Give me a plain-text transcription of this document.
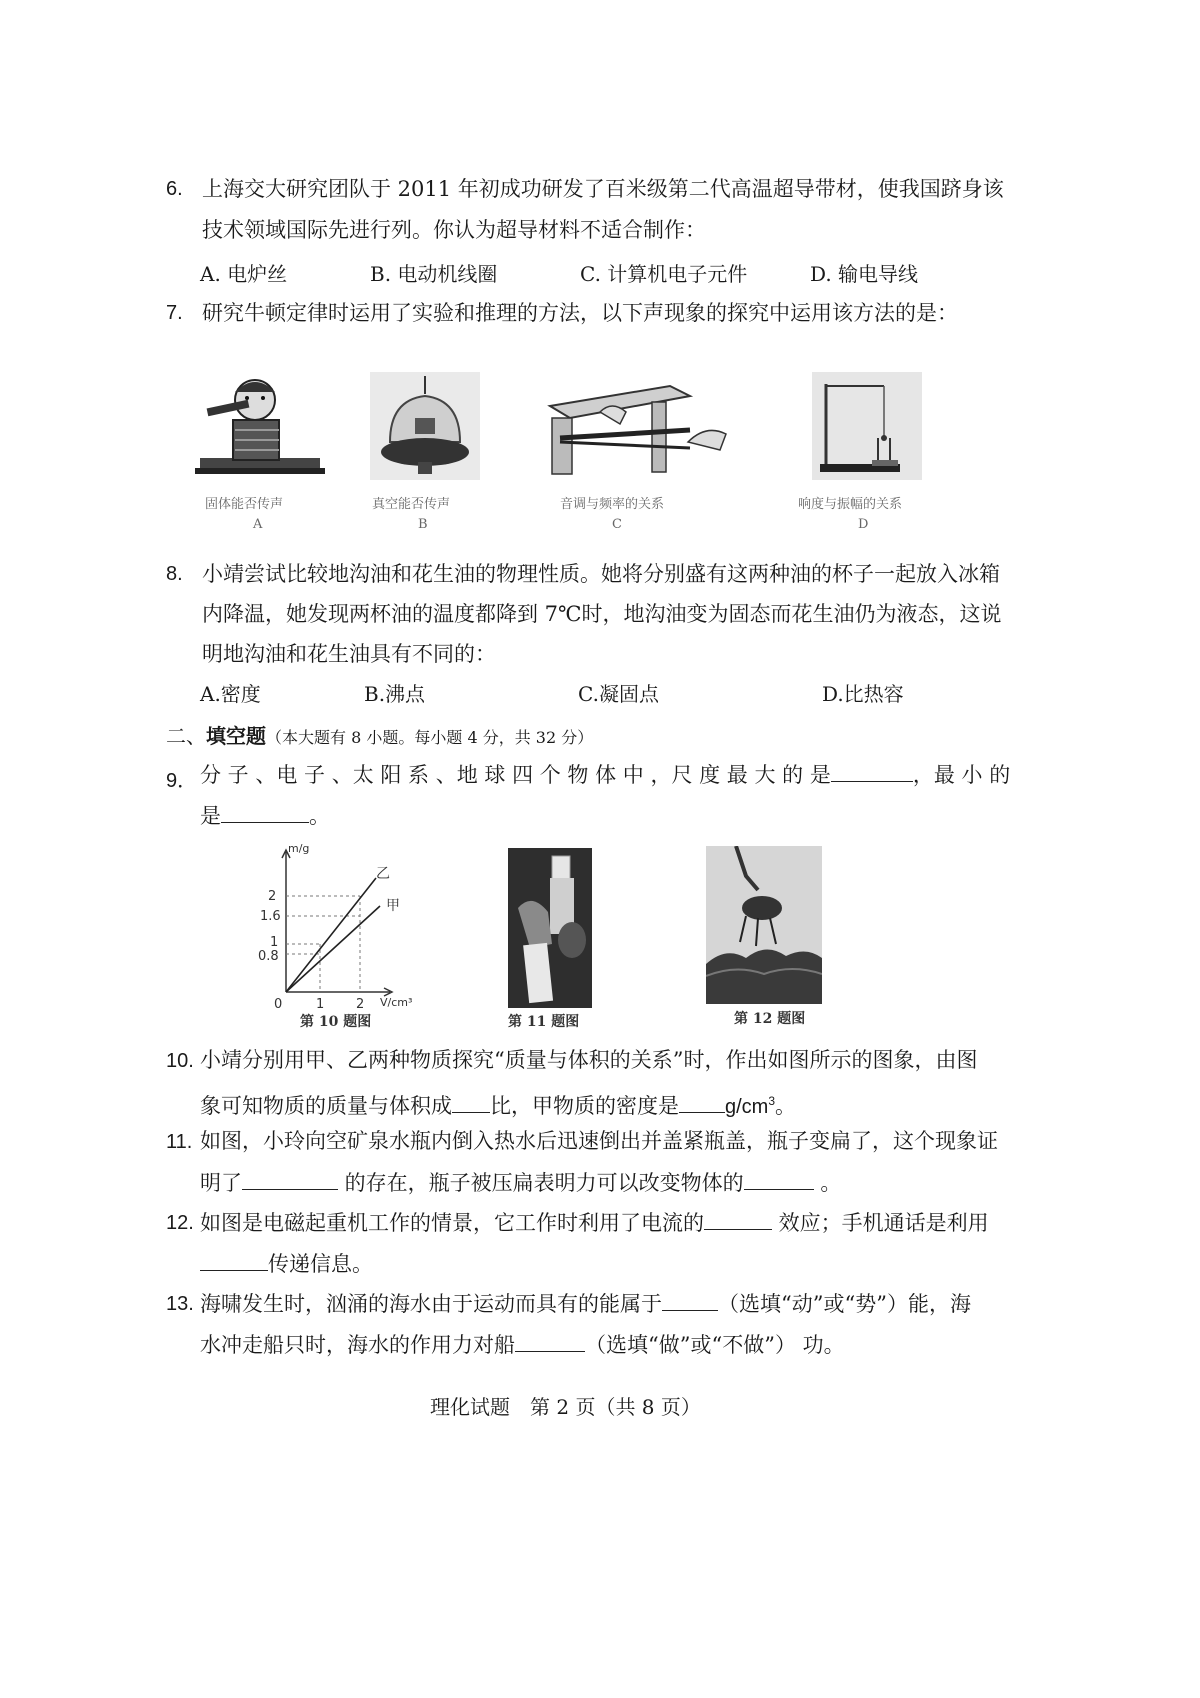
6. 上海交大研究团队于 2011 年初成功研发了百米级第二代高温超导带材，使我国跻身该
技术领域国际先进行列。你认为超导材料不适合制作：
A. 电炉丝	B. 电动机线圈	C. 计算机电子元件	D. 输电导线
7. 研究牛顿定律时运用了实验和推理的方法，以下声现象的探究中运用该方法的是：
固体能否传声
A
真空能否传声
B
音调与频率的关系
C
响度与振幅的关系
D
8. 小靖尝试比较地沟油和花生油的物理性质。她将分别盛有这两种油的杯子一起放入冰箱
内降温，她发现两杯油的温度都降到 7℃时，地沟油变为固态而花生油仍为液态，这说
明地沟油和花生油具有不同的：
A.密度	B.沸点	C.凝固点	D.比热容
二、填空题（本大题有 8 小题。每小题 4 分，共 32 分）
9． 分 子 、电 子 、太 阳 系 、地 球 四 个 物 体 中 ，尺 度 最 大 的 是	，最 小 的
是	。
m/g
V/cm³
2
1.6
1
0.8
1 2
0
乙
甲
第 10 题图	第 11 题图	第 12 题图
10. 小靖分别用甲、乙两种物质探究“质量与体积的关系”时，作出如图所示的图象，由图
象可知物质的质量与体积成 比，甲物质的密度是 $g/cm^3$。
11. 如图，小玲向空矿泉水瓶内倒入热水后迅速倒出并盖紧瓶盖，瓶子变扁了，这个现象证
明了	的存在，瓶子被压扁表明力可以改变物体的	。
12. 如图是电磁起重机工作的情景，它工作时利用了电流的	效应；手机通话是利用
传递信息。
13. 海啸发生时，汹涌的海水由于运动而具有的能属于	（选填“动”或“势”）能，海
水冲走船只时，海水的作用力对船	（选填“做”或“不做”） 功。
理化试题　第 2 页（共 8 页）
